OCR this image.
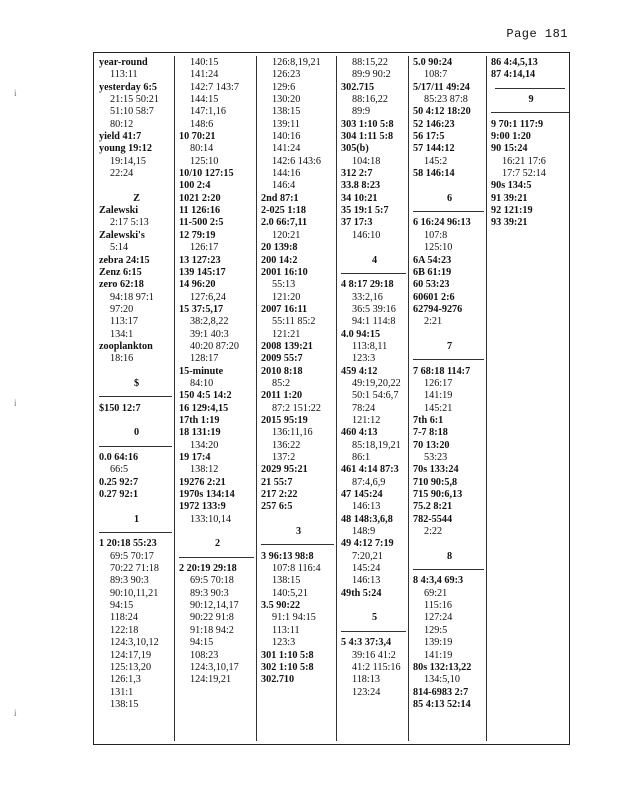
Page 181
i
i
i
year-round
113:11
yesterday 6:5
21:15 50:21
51:10 58:7
80:12
yield 41:7
young 19:12
19:14,15
22:24
Z
Zalewski
2:17 5:13
Zalewski's
5:14
zebra 24:15
Zenz 6:15
zero 62:18
94:18 97:1
97:20
113:17
134:1
zooplankton
18:16
$
$150 12:7
0
0.0 64:16
66:5
0.25 92:7
0.27 92:1
1
1 20:18 55:23
69:5 70:17
70:22 71:18
89:3 90:3
90:10,11,21
94:15
118:24
122:18
124:3,10,12
124:17,19
125:13,20
126:1,3
131:1
138:15
140:15
141:24
142:7 143:7
144:15
147:1,16
148:6
10 70:21
80:14
125:10
10/10 127:15
100 2:4
1021 2:20
11 126:16
11-500 2:5
12 79:19
126:17
13 127:23
139 145:17
14 96:20
127:6,24
15 37:5,17
38:2,8,22
39:1 40:3
40:20 87:20
128:17
15-minute
84:10
150 4:5 14:2
16 129:4,15
17th 1:19
18 131:19
134:20
19 17:4
138:12
19276 2:21
1970s 134:14
1972 133:9
133:10,14
2
2 20:19 29:18
69:5 70:18
89:3 90:3
90:12,14,17
90:22 91:8
91:18 94:2
94:15
108:23
124:3,10,17
124:19,21
126:8,19,21
126:23
129:6
130:20
138:15
139:11
140:16
141:24
142:6 143:6
144:16
146:4
2nd 87:1
2-025 1:18
2.0 66:7,11
120:21
20 139:8
200 14:2
2001 16:10
55:13
121:20
2007 16:11
55:11 85:2
121:21
2008 139:21
2009 55:7
2010 8:18
85:2
2011 1:20
87:2 151:22
2015 95:19
136:11,16
136:22
137:2
2029 95:21
21 55:7
217 2:22
257 6:5
3
3 96:13 98:8
107:8 116:4
138:15
140:5,21
3.5 90:22
91:1 94:15
113:11
123:3
301 1:10 5:8
302 1:10 5:8
302.710
88:15,22
89:9 90:2
302.715
88:16,22
89:9
303 1:10 5:8
304 1:11 5:8
305(b)
104:18
312 2:7
33.8 8:23
34 10:21
35 19:1 5:7
37 17:3
146:10
4
4 8:17 29:18
33:2,16
36:5 39:16
94:1 114:8
4.0 94:15
113:8,11
123:3
459 4:12
49:19,20,22
50:1 54:6,7
78:24
121:12
460 4:13
85:18,19,21
86:1
461 4:14 87:3
87:4,6,9
47 145:24
146:13
48 148:3,6,8
148:9
49 4:12 7:19
7:20,21
145:24
146:13
49th 5:24
5
5 4:3 37:3,4
39:16 41:2
41:2 115:16
118:13
123:24
5.0 90:24
108:7
5/17/11 49:24
85:23 87:8
50 4:12 18:20
52 146:23
56 17:5
57 144:12
145:2
58 146:14
6
6 16:24 96:13
107:8
125:10
6A 54:23
6B 61:19
60 53:23
60601 2:6
62794-9276
2:21
7
7 68:18 114:7
126:17
141:19
145:21
7th 6:1
7-7 8:18
70 13:20
53:23
70s 133:24
710 90:5,8
715 90:6,13
75.2 8:21
782-5544
2:22
8
8 4:3,4 69:3
69:21
115:16
127:24
129:5
139:19
141:19
80s 132:13,22
134:5,10
814-6983 2:7
85 4:13 52:14
86 4:4,5,13
87 4:14,14
9
9 70:1 117:9
9:00 1:20
90 15:24
16:21 17:6
17:7 52:14
90s 134:5
91 39:21
92 121:19
93 39:21
